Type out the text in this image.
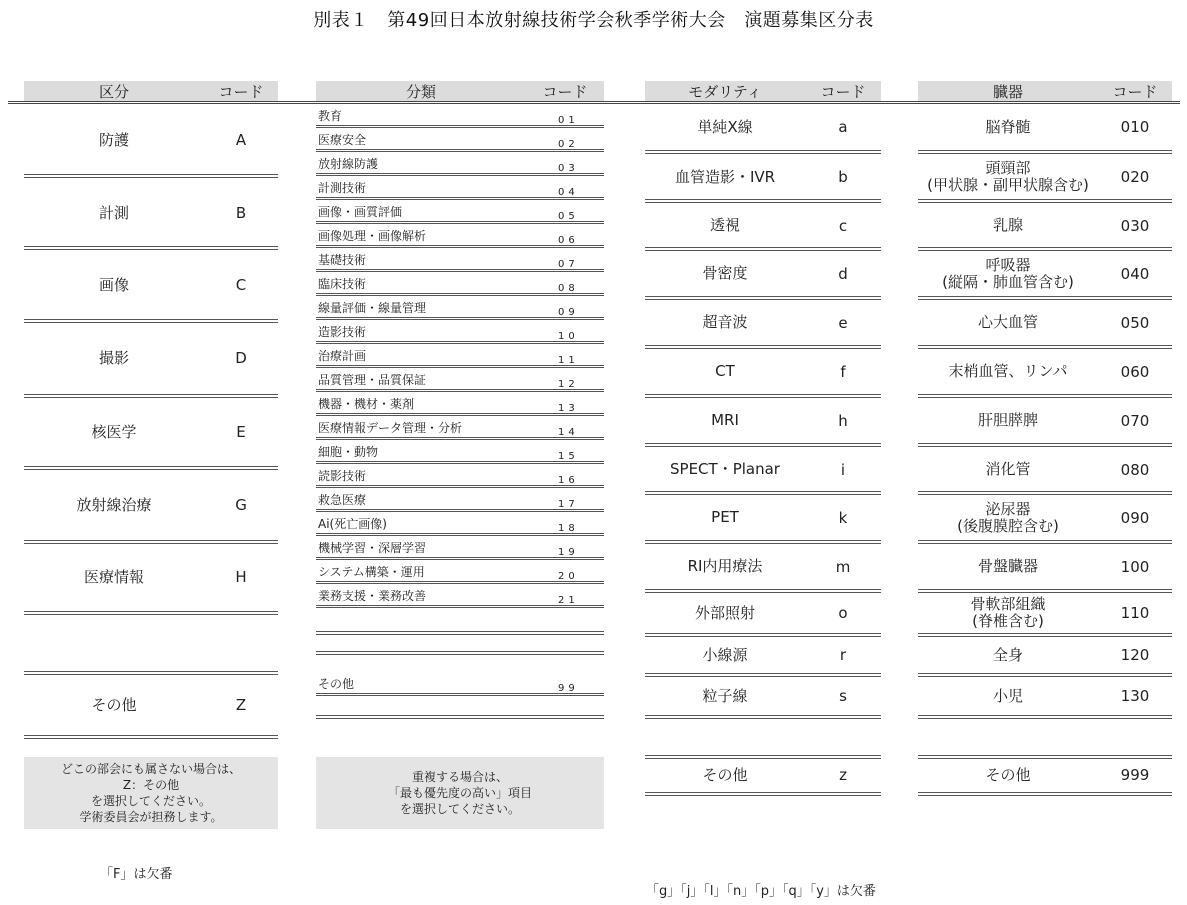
別表１　第49回日本放射線技術学会秋季学術大会　演題募集区分表
区分	コード	分類	コード	モダリティ	コード	臓器	コード
防護	A
計測	B
画像	C
撮影	D
核医学	E
放射線治療	G
医療情報	H
その他	Z
どこの部会にも属さない場合は、
Z：その他
を選択してください。
学術委員会が担務します。
「F」は欠番
教育	01
医療安全	02
放射線防護	03
計測技術	04
画像・画質評価	05
画像処理・画像解析	06
基礎技術	07
臨床技術	08
線量評価・線量管理	09
造影技術	10
治療計画	11
品質管理・品質保証	12
機器・機材・薬剤	13
医療情報データ管理・分析	14
細胞・動物	15
読影技術	16
救急医療	17
Ai(死亡画像)	18
機械学習・深層学習	19
システム構築・運用	20
業務支援・業務改善	21
その他	99
重複する場合は、
「最も優先度の高い」項目
を選択してください。
単純X線	a
血管造影・IVR	b
透視	c
骨密度	d
超音波	e
CT	f
MRI	h
SPECT・Planar	i
PET	k
RI内用療法	m
外部照射	o
小線源	r
粒子線	s
その他	z
「g」「j」「l」「n」「p」「q」「y」は欠番
脳脊髄	010
頭頸部
(甲状腺・副甲状腺含む)	020
乳腺	030
呼吸器
(縦隔・肺血管含む)	040
心大血管	050
末梢血管、リンパ	060
肝胆膵脾	070
消化管	080
泌尿器
(後腹膜腔含む)	090
骨盤臓器	100
骨軟部組織
(脊椎含む)	110
全身	120
小児	130
その他	999
